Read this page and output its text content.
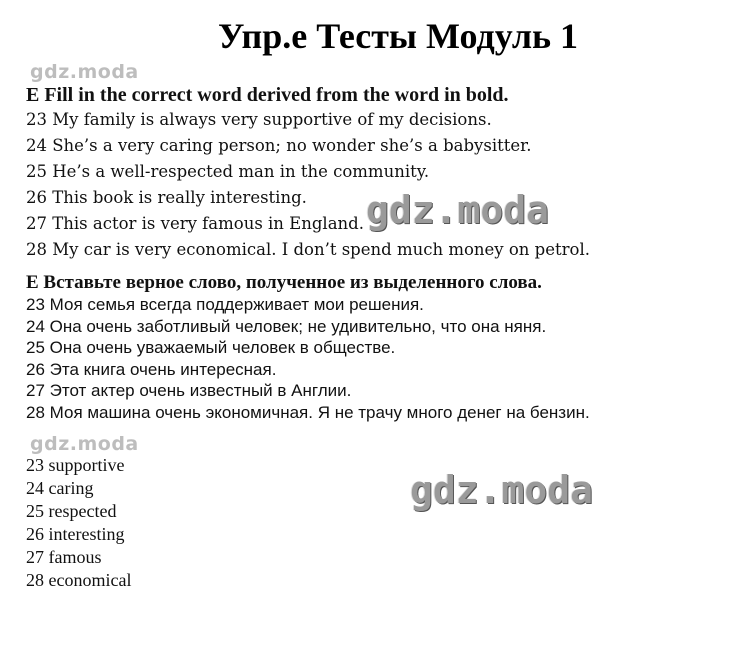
Упр.е Тесты Модуль 1
gdz.moda
gdz.moda
gdz.moda
gdz.moda
E Fill in the correct word derived from the word in bold.
23 My family is always very supportive of my decisions.
24 She’s a very caring person; no wonder she’s a babysitter.
25 He’s a well-respected man in the community.
26 This book is really interesting.
27 This actor is very famous in England.
28 My car is very economical. I don’t spend much money on petrol.
Е Вставьте верное слово, полученное из выделенного слова.
23 Моя семья всегда поддерживает мои решения.
24 Она очень заботливый человек; не удивительно, что она няня.
25 Она очень уважаемый человек в обществе.
26 Эта книга очень интересная.
27 Этот актер очень известный в Англии.
28 Моя машина очень экономичная. Я не трачу много денег на бензин.
23 supportive
24 caring
25 respected
26 interesting
27 famous
28 economical
